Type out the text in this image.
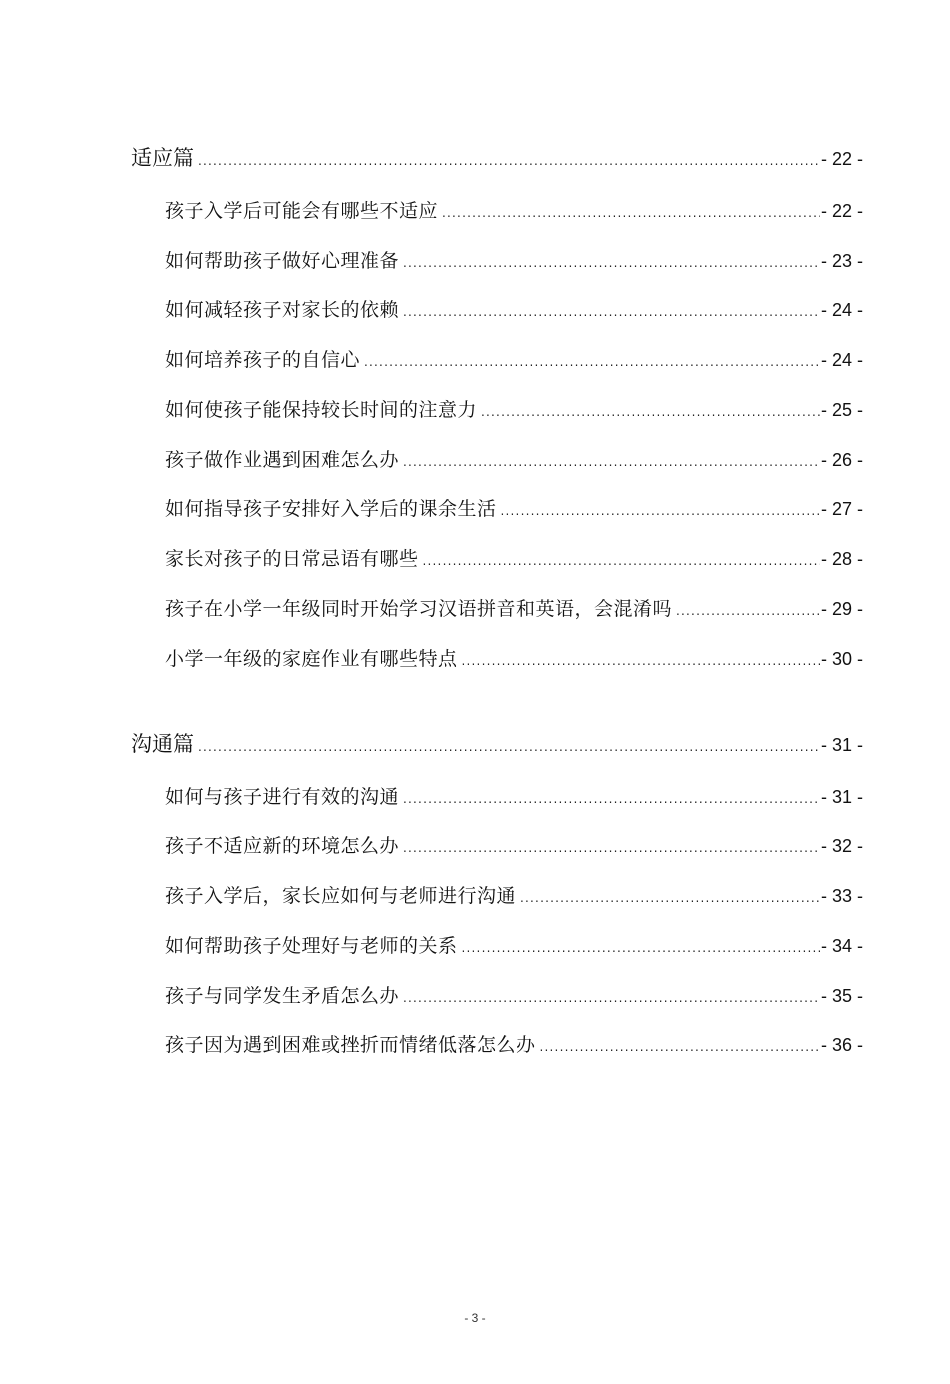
适应篇 .....	- 22 -
孩子入学后可能会有哪些不适应 .....	- 22 -
如何帮助孩子做好心理准备 .....	- 23 -
如何减轻孩子对家长的依赖 .....	- 24 -
如何培养孩子的自信心 .....	- 24 -
如何使孩子能保持较长时间的注意力 .....	- 25 -
孩子做作业遇到困难怎么办 .....	- 26 -
如何指导孩子安排好入学后的课余生活 .....	- 27 -
家长对孩子的日常忌语有哪些 .....	- 28 -
孩子在小学一年级同时开始学习汉语拼音和英语，会混淆吗 .....	- 29 -
小学一年级的家庭作业有哪些特点 .....	- 30 -
沟通篇 .....	- 31 -
如何与孩子进行有效的沟通 .....	- 31 -
孩子不适应新的环境怎么办 .....	- 32 -
孩子入学后，家长应如何与老师进行沟通 .....	- 33 -
如何帮助孩子处理好与老师的关系 .....	- 34 -
孩子与同学发生矛盾怎么办 .....	- 35 -
孩子因为遇到困难或挫折而情绪低落怎么办 .....	- 36 -
- 3 -
